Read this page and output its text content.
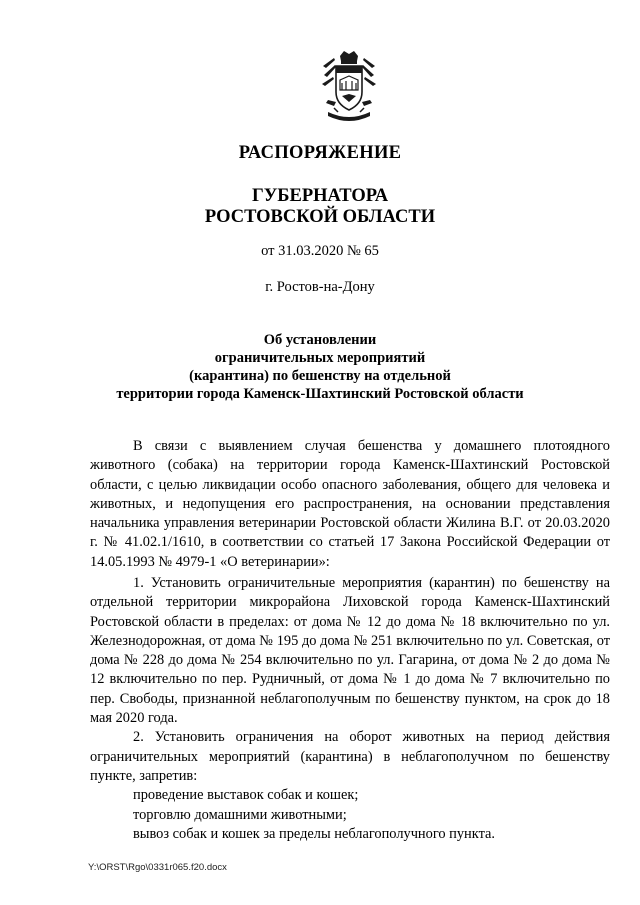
РАСПОРЯЖЕНИЕ
ГУБЕРНАТОРА
РОСТОВСКОЙ ОБЛАСТИ
от 31.03.2020 № 65
г. Ростов-на-Дону
Об установлении
ограничительных мероприятий
(карантина) по бешенству на отдельной
территории города Каменск-Шахтинский Ростовской области

В связи с выявлением случая бешенства у домашнего плотоядного животного (собака) на территории города Каменск-Шахтинский Ростовской области, с целью ликвидации особо опасного заболевания, общего для человека и животных, и недопущения его распространения, на основании представления начальника управления ветеринарии Ростовской области Жилина В.Г. от 20.03.2020 г. № 41.02.1/1610, в соответствии со статьей 17 Закона Российской Федерации от 14.05.1993 № 4979-1 «О ветеринарии»:

1. Установить ограничительные мероприятия (карантин) по бешенству на отдельной территории микрорайона Лиховской города Каменск-Шахтинский Ростовской области в пределах: от дома № 12 до дома № 18 включительно по ул. Железнодорожная, от дома № 195 до дома № 251 включительно по ул. Советская, от дома № 228 до дома № 254 включительно по ул. Гагарина, от дома № 2 до дома № 12 включительно по пер. Рудничный, от дома № 1 до дома № 7 включительно по пер. Свободы, признанной неблагополучным по бешенству пунктом, на срок до 18 мая 2020 года.

2. Установить ограничения на оборот животных на период действия ограничительных мероприятий (карантина) в неблагополучном по бешенству пункте, запретив:

проведение выставок собак и кошек;

торговлю домашними животными;

вывоз собак и кошек за пределы неблагополучного пункта.

Y:\ORST\Rgo\0331r065.f20.docx
